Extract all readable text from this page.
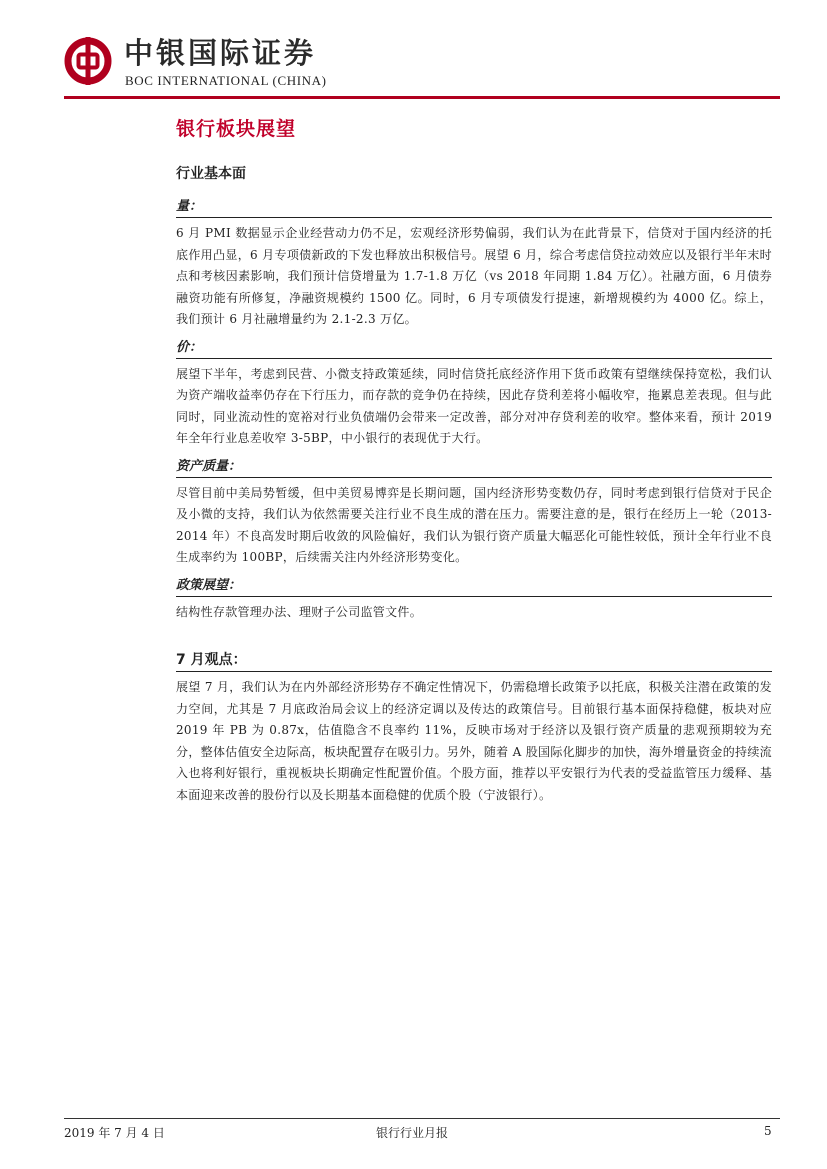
中银国际证券
BOC INTERNATIONAL (CHINA)
银行板块展望

行业基本面

量：

6 月 PMI 数据显示企业经营动力仍不足，宏观经济形势偏弱，我们认为在此背景下，信贷对于国内经济的托底作用凸显，6 月专项债新政的下发也释放出积极信号。展望 6 月，综合考虑信贷拉动效应以及银行半年末时点和考核因素影响，我们预计信贷增量为 1.7-1.8 万亿（vs 2018 年同期 1.84 万亿）。社融方面，6 月债券融资功能有所修复，净融资规模约 1500 亿。同时，6 月专项债发行提速，新增规模约为 4000 亿。综上，我们预计 6 月社融增量约为 2.1-2.3 万亿。

价：

展望下半年，考虑到民营、小微支持政策延续，同时信贷托底经济作用下货币政策有望继续保持宽松，我们认为资产端收益率仍存在下行压力，而存款的竞争仍在持续，因此存贷利差将小幅收窄，拖累息差表现。但与此同时，同业流动性的宽裕对行业负债端仍会带来一定改善，部分对冲存贷利差的收窄。整体来看，预计 2019 年全年行业息差收窄 3-5BP，中小银行的表现优于大行。

资产质量：

尽管目前中美局势暂缓，但中美贸易博弈是长期问题，国内经济形势变数仍存，同时考虑到银行信贷对于民企及小微的支持，我们认为依然需要关注行业不良生成的潜在压力。需要注意的是，银行在经历上一轮（2013-2014 年）不良高发时期后收敛的风险偏好，我们认为银行资产质量大幅恶化可能性较低，预计全年行业不良生成率约为 100BP，后续需关注内外经济形势变化。

政策展望：

结构性存款管理办法、理财子公司监管文件。

7 月观点：

展望 7 月，我们认为在内外部经济形势存不确定性情况下，仍需稳增长政策予以托底，积极关注潜在政策的发力空间，尤其是 7 月底政治局会议上的经济定调以及传达的政策信号。目前银行基本面保持稳健，板块对应 2019 年 PB 为 0.87x，估值隐含不良率约 11%，反映市场对于经济以及银行资产质量的悲观预期较为充分，整体估值安全边际高，板块配置存在吸引力。另外，随着 A 股国际化脚步的加快，海外增量资金的持续流入也将利好银行，重视板块长期确定性配置价值。个股方面，推荐以平安银行为代表的受益监管压力缓释、基本面迎来改善的股份行以及长期基本面稳健的优质个股（宁波银行）。

2019 年 7 月 4 日	银行行业月报	5
